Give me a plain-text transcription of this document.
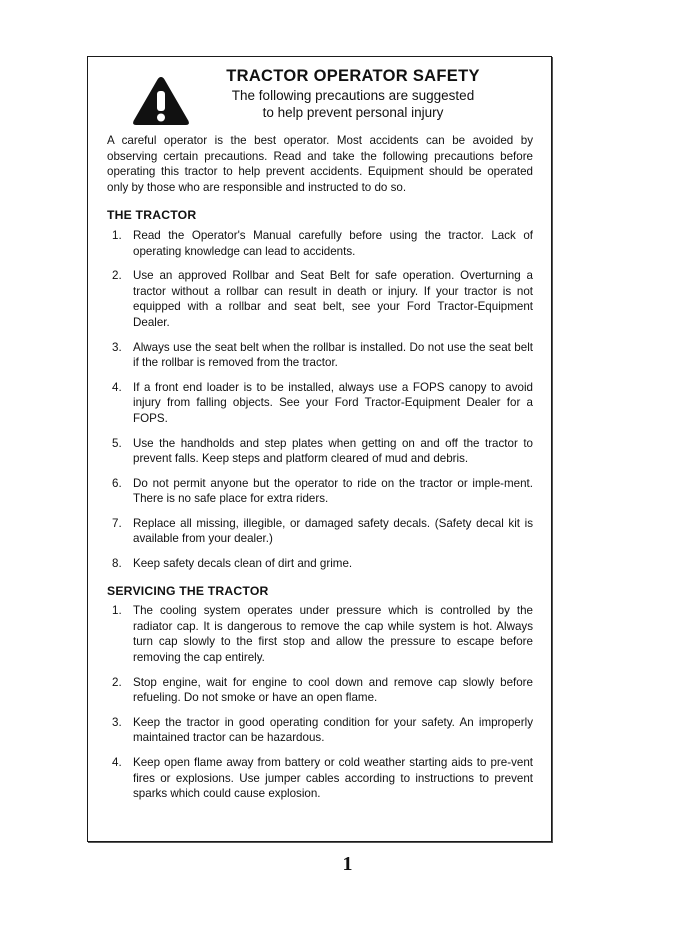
TRACTOR OPERATOR SAFETY

The following precautions are suggested
to help prevent personal injury

A careful operator is the best operator. Most accidents can be avoided by observing certain precautions. Read and take the following precautions before operating this tractor to help prevent accidents. Equipment should be operated only by those who are responsible and instructed to do so.

THE TRACTOR
1. Read the Operator's Manual carefully before using the tractor. Lack of operating knowledge can lead to accidents.
2. Use an approved Rollbar and Seat Belt for safe operation. Overturning a tractor without a rollbar can result in death or injury. If your tractor is not equipped with a rollbar and seat belt, see your Ford Tractor-Equipment Dealer.
3. Always use the seat belt when the rollbar is installed. Do not use the seat belt if the rollbar is removed from the tractor.
4. If a front end loader is to be installed, always use a FOPS canopy to avoid injury from falling objects. See your Ford Tractor-Equipment Dealer for a FOPS.
5. Use the handholds and step plates when getting on and off the tractor to prevent falls. Keep steps and platform cleared of mud and debris.
6. Do not permit anyone but the operator to ride on the tractor or imple-ment. There is no safe place for extra riders.
7. Replace all missing, illegible, or damaged safety decals. (Safety decal kit is available from your dealer.)
8. Keep safety decals clean of dirt and grime.
SERVICING THE TRACTOR
1. The cooling system operates under pressure which is controlled by the radiator cap. It is dangerous to remove the cap while system is hot. Always turn cap slowly to the first stop and allow the pressure to escape before removing the cap entirely.
2. Stop engine, wait for engine to cool down and remove cap slowly before refueling. Do not smoke or have an open flame.
3. Keep the tractor in good operating condition for your safety. An improperly maintained tractor can be hazardous.
4. Keep open flame away from battery or cold weather starting aids to pre-vent fires or explosions. Use jumper cables according to instructions to prevent sparks which could cause explosion.
1
